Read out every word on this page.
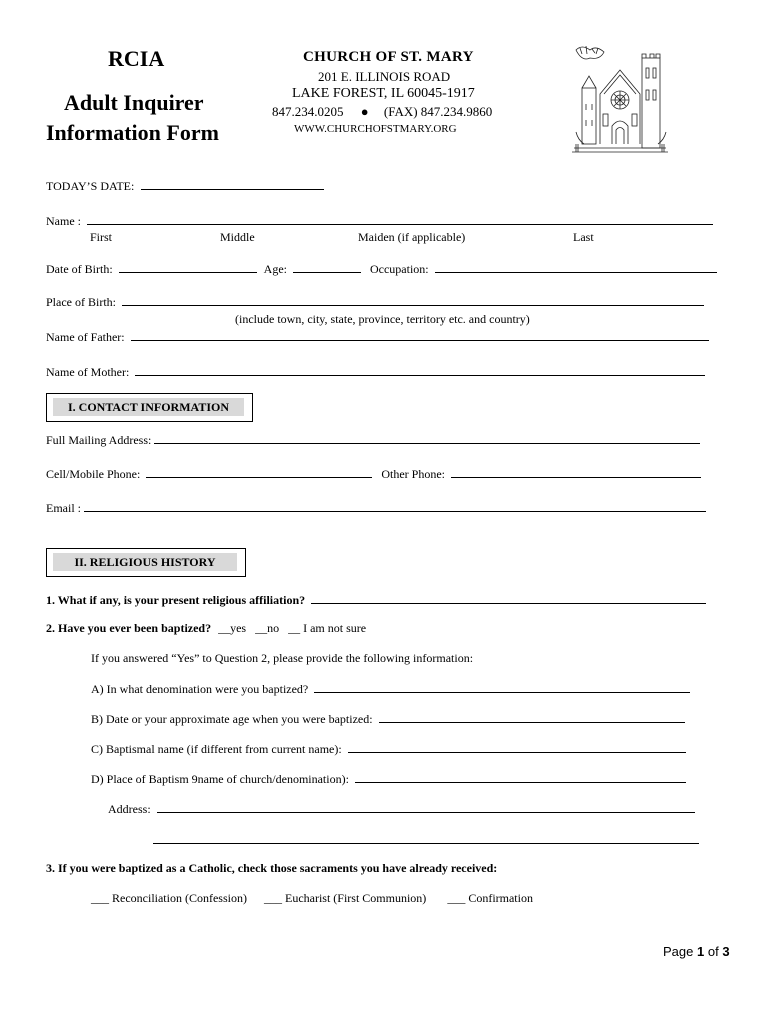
RCIA
Adult Inquirer
Information Form
CHURCH OF ST. MARY
201 E. ILLINOIS ROAD
LAKE FOREST, IL 60045-1917
847.234.0205 ● (FAX) 847.234.9860
WWW.CHURCHOFSTMARY.ORG
TODAY’S DATE:
Name :
First	Middle	Maiden (if applicable)	Last
Date of Birth:	Age:	Occupation:
Place of Birth:
(include town, city, state, province, territory etc. and country)
Name of Father:
Name of Mother:
I. CONTACT INFORMATION
Full Mailing Address:
Cell/Mobile Phone:	Other Phone:
Email :
II. RELIGIOUS HISTORY
1. What if any, is your present religious affiliation?
2. Have you ever been baptized? __yes __no __ I am not sure
If you answered “Yes” to Question 2, please provide the following information:
A) In what denomination were you baptized?
B) Date or your approximate age when you were baptized:
C) Baptismal name (if different from current name):
D) Place of Baptism 9name of church/denomination):
Address:
3. If you were baptized as a Catholic, check those sacraments you have already received:
___ Reconciliation (Confession) ___ Eucharist (First Communion) ___ Confirmation
Page 1 of 3
